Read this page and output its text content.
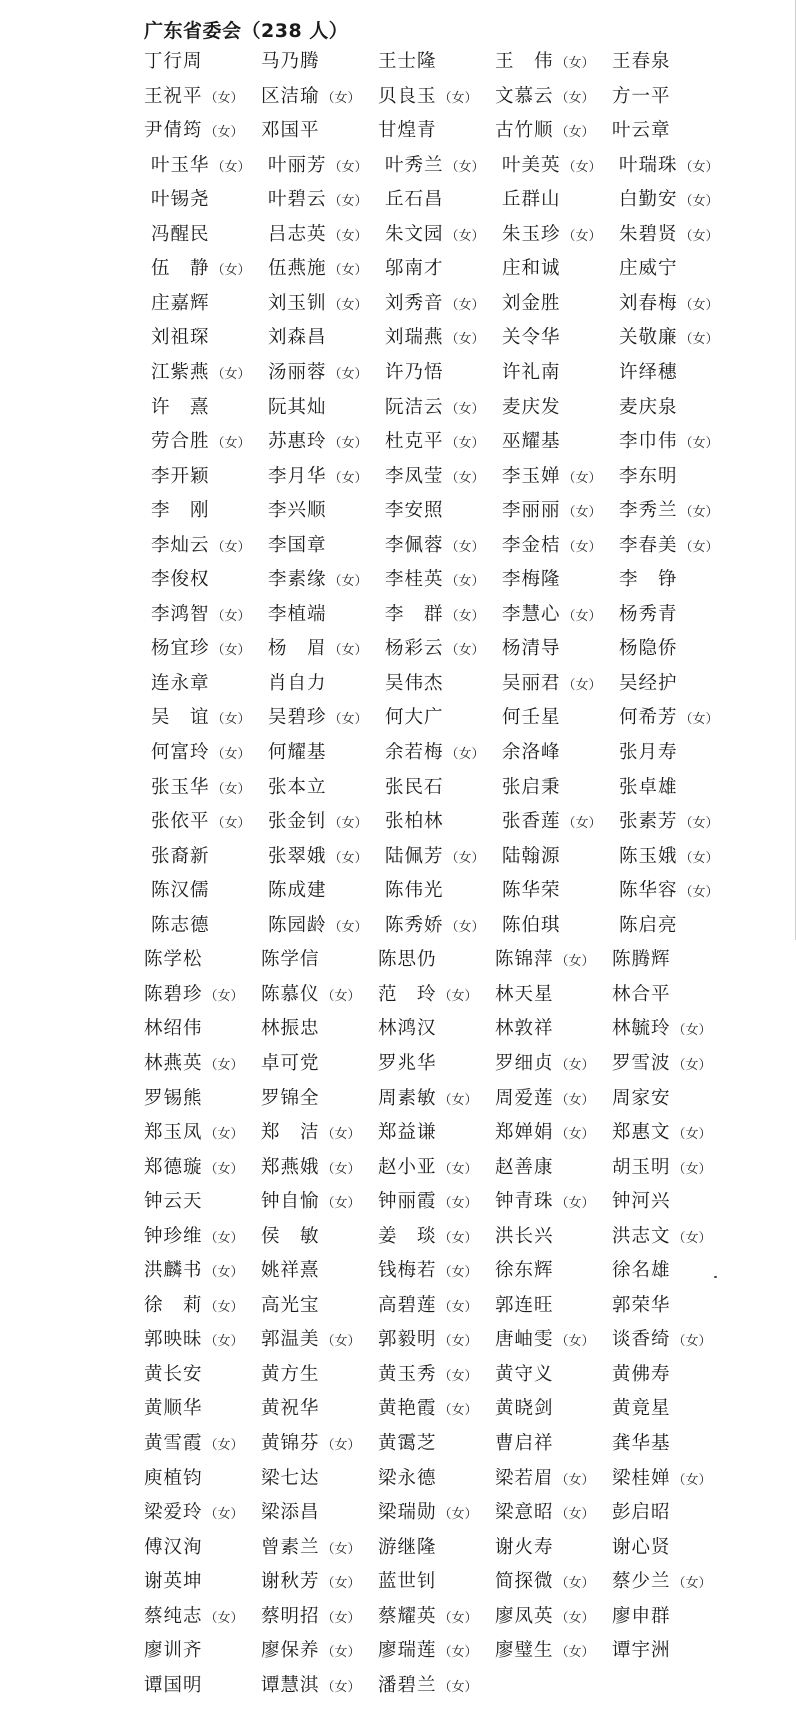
广东省委会（238 人）
丁行周	马乃腾	王士隆	王　伟 （女） 王春泉
王祝平 （女） 区洁瑜 （女） 贝良玉 （女） 文慕云 （女） 方一平
尹倩筠 （女） 邓国平	甘煌青	古竹顺 （女） 叶云章
叶玉华 （女） 叶丽芳 （女） 叶秀兰 （女） 叶美英 （女） 叶瑞珠 （女）
叶锡尧	叶碧云 （女） 丘石昌	丘群山	白勤安 （女）
冯醒民	吕志英 （女） 朱文园 （女） 朱玉珍 （女） 朱碧贤 （女）
伍　静 （女） 伍燕施 （女） 邬南才	庄和诚	庄威宁
庄嘉辉	刘玉钏 （女） 刘秀音 （女） 刘金胜	刘春梅 （女）
刘祖琛	刘森昌	刘瑞燕 （女） 关令华	关敬廉 （女）
江紫燕 （女） 汤丽蓉 （女） 许乃悟	许礼南	许绎穗
许　熹	阮其灿	阮洁云 （女） 麦庆发	麦庆泉
劳合胜 （女） 苏惠玲 （女） 杜克平 （女） 巫耀基	李巾伟 （女）
李开颖	李月华 （女） 李凤莹 （女） 李玉婵 （女） 李东明
李　刚	李兴顺	李安照	李丽丽 （女） 李秀兰 （女）
李灿云 （女） 李国章	李佩蓉 （女） 李金桔 （女） 李春美 （女）
李俊权	李素缘 （女） 李桂英 （女） 李梅隆	李　铮
李鸿智 （女） 李植端	李　群 （女） 李慧心 （女） 杨秀青
杨宜珍 （女） 杨　眉 （女） 杨彩云 （女） 杨清导	杨隐侨
连永章	肖自力	吴伟杰	吴丽君 （女） 吴经护
吴　谊 （女） 吴碧珍 （女） 何大广	何壬星	何希芳 （女）
何富玲 （女） 何耀基	余若梅 （女） 余洛峰	张月寿
张玉华 （女） 张本立	张民石	张启秉	张卓雄
张依平 （女） 张金钊 （女） 张柏林	张香莲 （女） 张素芳 （女）
张裔新	张翠娥 （女） 陆佩芳 （女） 陆翰源	陈玉娥 （女）
陈汉儒	陈成建	陈伟光	陈华荣	陈华容 （女）
陈志德	陈园龄 （女） 陈秀娇 （女） 陈伯琪	陈启亮
陈学松	陈学信	陈思仍	陈锦萍 （女） 陈腾辉
陈碧珍 （女） 陈慕仪 （女） 范　玲 （女） 林天星	林合平
林绍伟	林振忠	林鸿汉	林敦祥	林毓玲 （女）
林燕英 （女） 卓可党	罗兆华	罗细贞 （女） 罗雪波 （女）
罗锡熊	罗锦全	周素敏 （女） 周爱莲 （女） 周家安
郑玉凤 （女） 郑　洁 （女） 郑益谦	郑婵娟 （女） 郑惠文 （女）
郑德璇 （女） 郑燕娥 （女） 赵小亚 （女） 赵善康	胡玉明 （女）
钟云天	钟自愉 （女） 钟丽霞 （女） 钟青珠 （女） 钟河兴
钟珍维 （女） 侯　敏	姜　琰 （女） 洪长兴	洪志文 （女）
洪麟书 （女） 姚祥熹	钱梅若 （女） 徐东辉	徐名雄
徐　莉 （女） 高光宝	高碧莲 （女） 郭连旺	郭荣华
郭映昧 （女） 郭温美 （女） 郭毅明 （女） 唐岫雯 （女） 谈香绮 （女）
黄长安	黄方生	黄玉秀 （女） 黄守义	黄佛寿
黄顺华	黄祝华	黄艳霞 （女） 黄晓剑	黄竟星
黄雪霞 （女） 黄锦芬 （女） 黄霭芝	曹启祥	龚华基
庾植钧	梁七达	梁永德	梁若眉 （女） 梁桂婵 （女）
梁爱玲 （女） 梁添昌	梁瑞勋 （女） 梁意昭 （女） 彭启昭
傅汉洵	曾素兰 （女） 游继隆	谢火寿	谢心贤
谢英坤	谢秋芳 （女） 蓝世钊	简探微 （女） 蔡少兰 （女）
蔡纯志 （女） 蔡明招 （女） 蔡耀英 （女） 廖凤英 （女） 廖申群
廖训齐	廖保养 （女） 廖瑞莲 （女） 廖璧生 （女） 谭宇洲
谭国明	谭慧淇 （女） 潘碧兰 （女）
